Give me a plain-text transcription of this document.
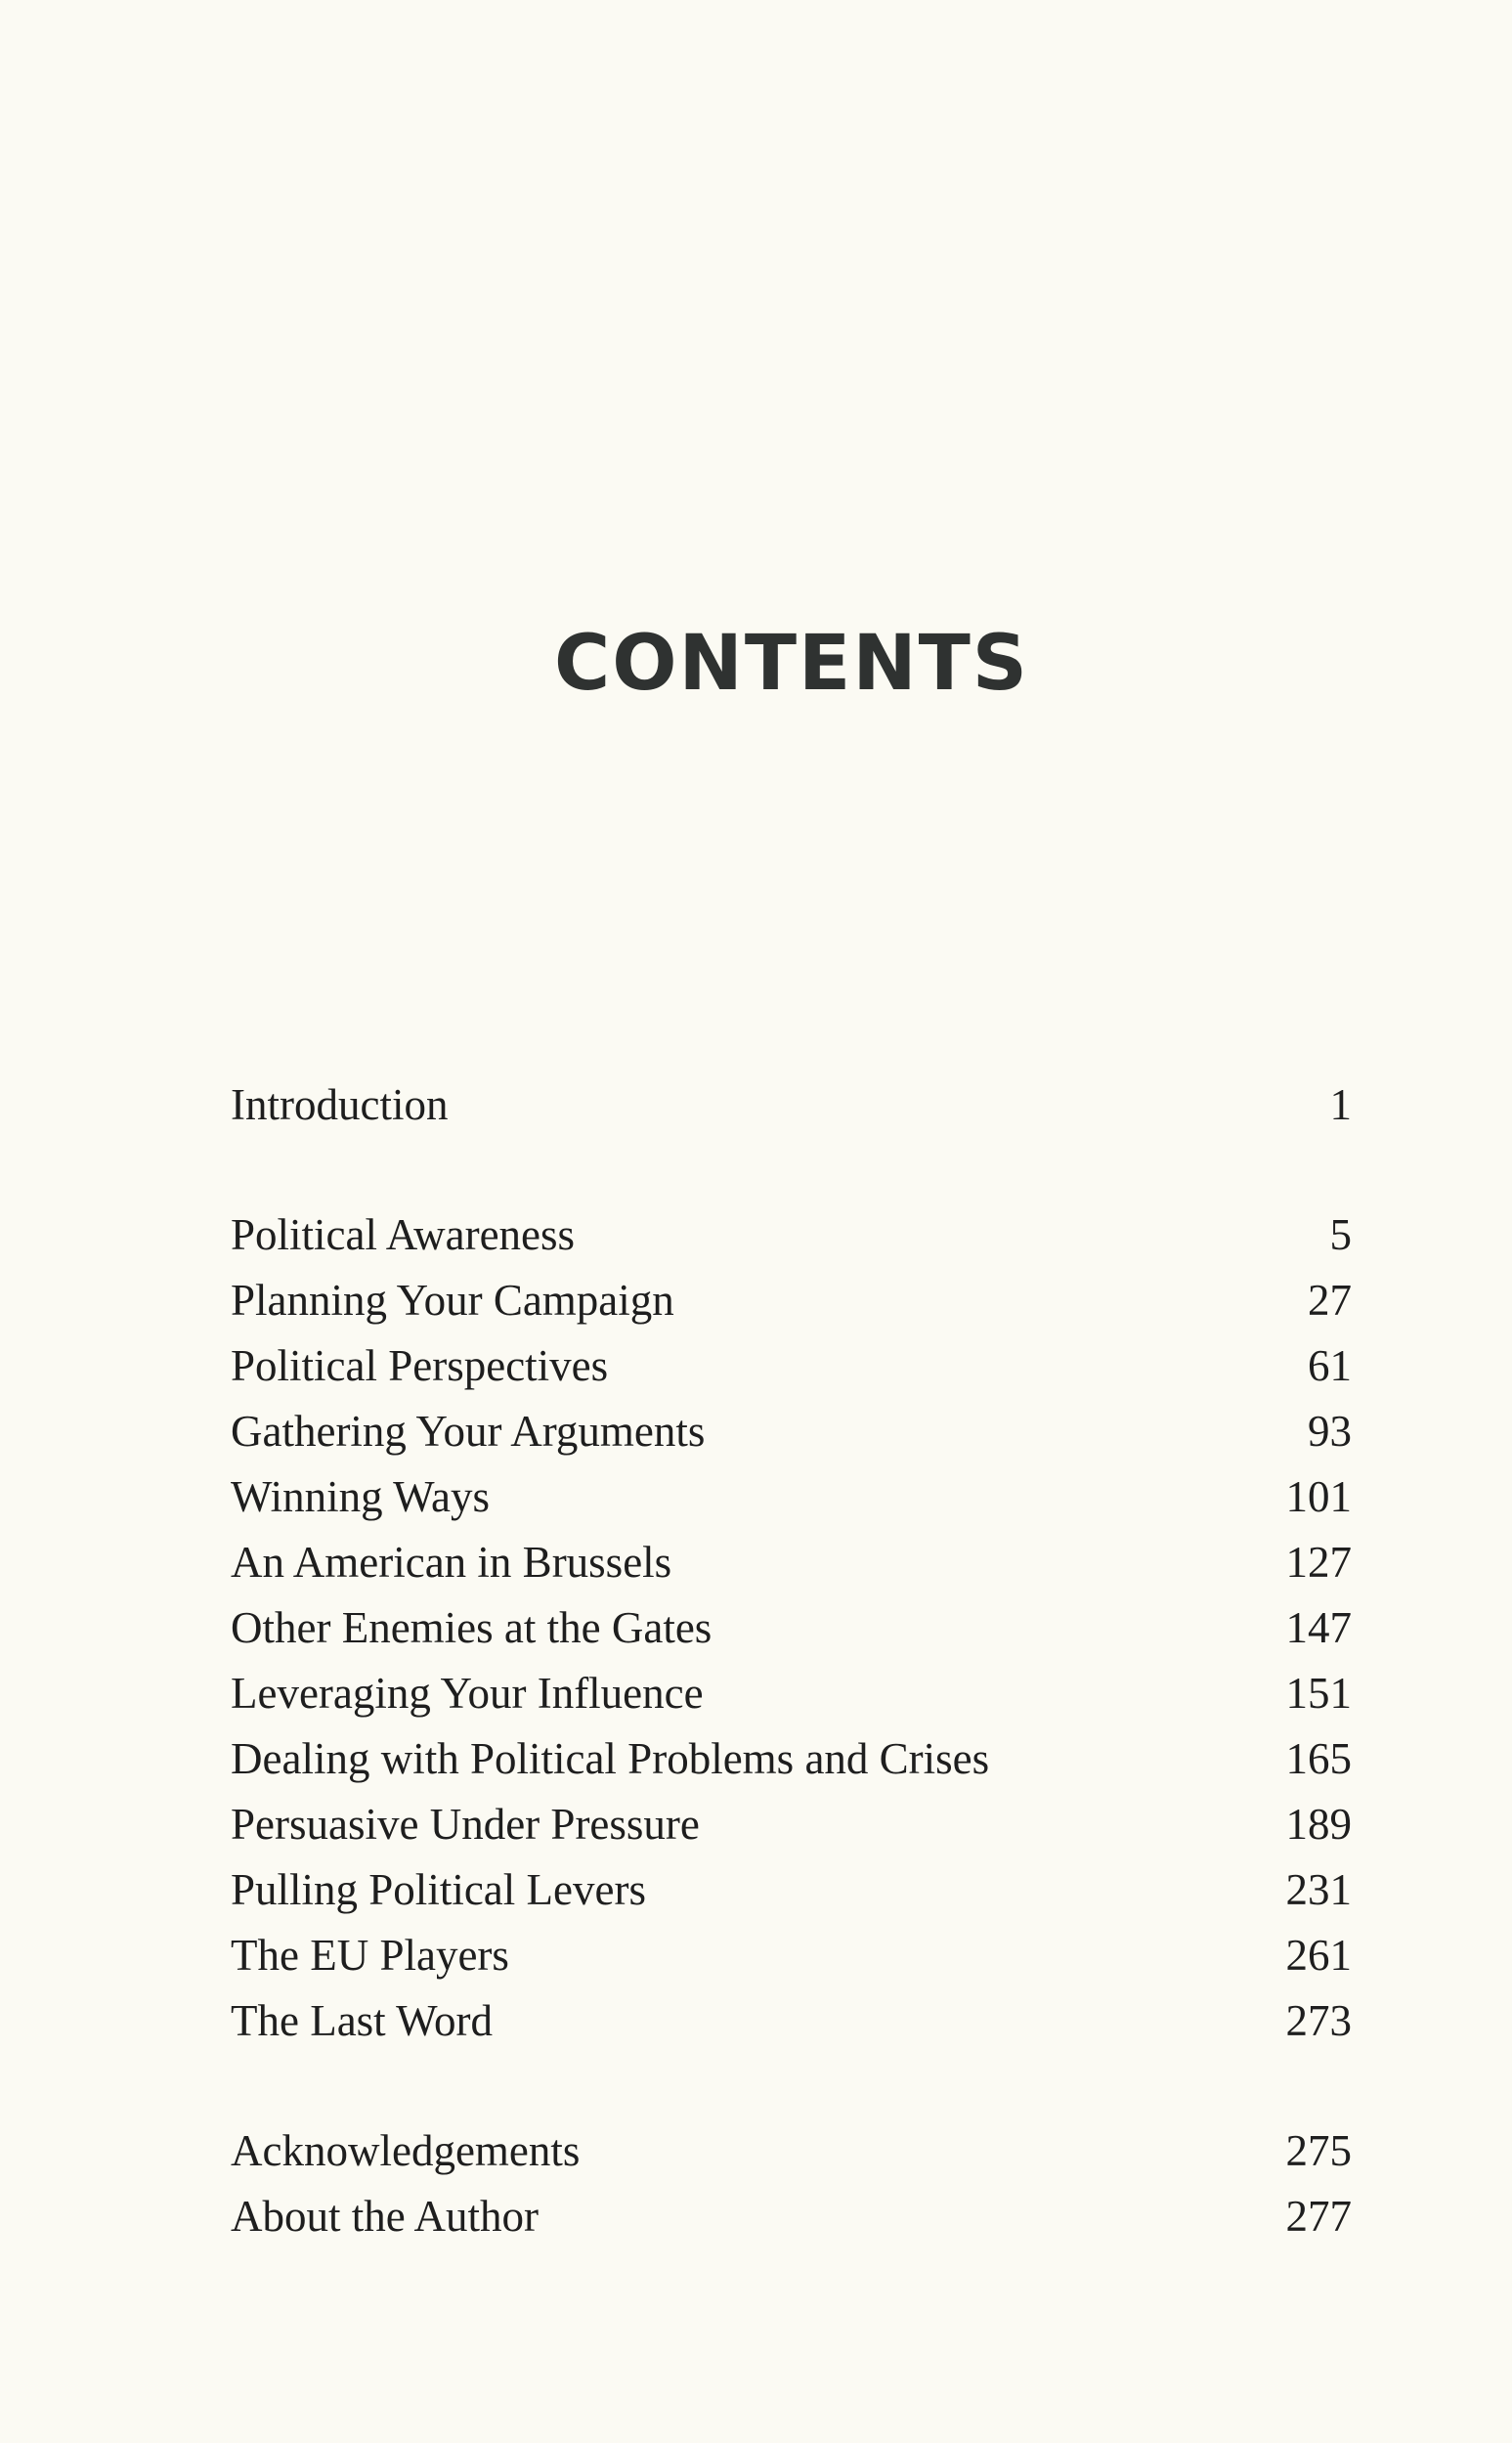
CONTENTS
Introduction	1
Political Awareness	5
Planning Your Campaign	27
Political Perspectives	61
Gathering Your Arguments	93
Winning Ways	101
An American in Brussels	127
Other Enemies at the Gates	147
Leveraging Your Influence	151
Dealing with Political Problems and Crises	165
Persuasive Under Pressure	189
Pulling Political Levers	231
The EU Players	261
The Last Word	273
Acknowledgements	275
About the Author	277
